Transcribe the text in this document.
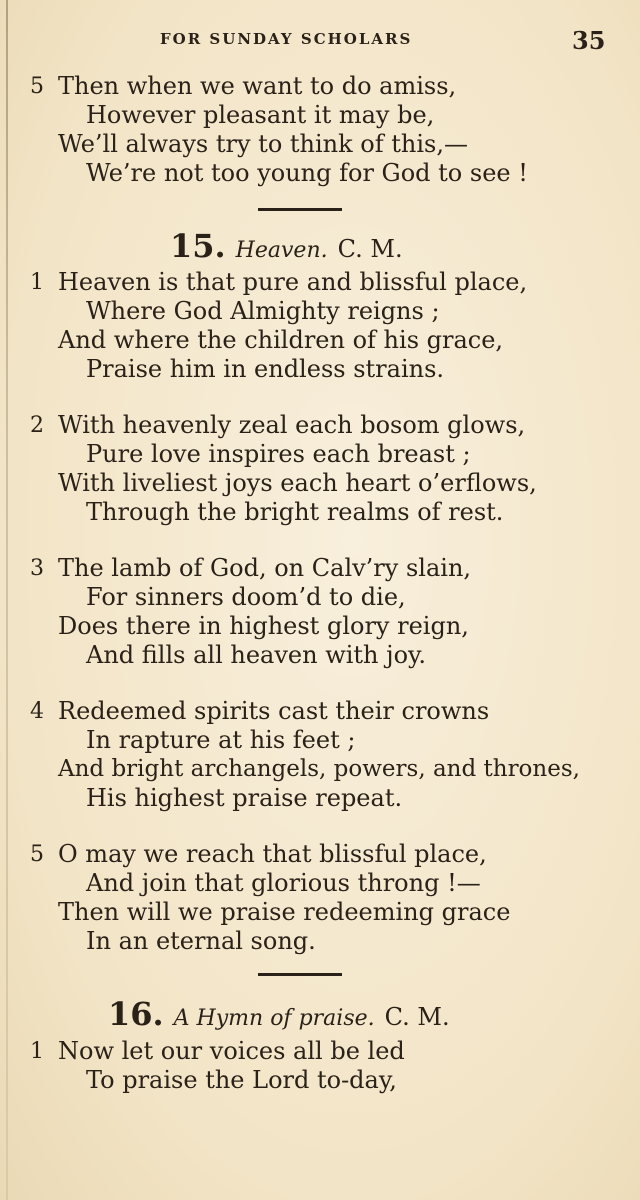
FOR SUNDAY SCHOLARS	35
5 Then when we want to do amiss,
However pleasant it may be,
We’ll always try to think of this,—
We’re not too young for God to see !
15. Heaven. C. M.
1 Heaven is that pure and blissful place,
Where God Almighty reigns ;
And where the children of his grace,
Praise him in endless strains.
2 With heavenly zeal each bosom glows,
Pure love inspires each breast ;
With liveliest joys each heart o’erflows,
Through the bright realms of rest.
3 The lamb of God, on Calv’ry slain,
For sinners doom’d to die,
Does there in highest glory reign,
And fills all heaven with joy.
4 Redeemed spirits cast their crowns
In rapture at his feet ;
And bright archangels, powers, and thrones,
His highest praise repeat.
5 O may we reach that blissful place,
And join that glorious throng !—
Then will we praise redeeming grace
In an eternal song.
16. A Hymn of praise. C. M.
1 Now let our voices all be led
To praise the Lord to-day,
